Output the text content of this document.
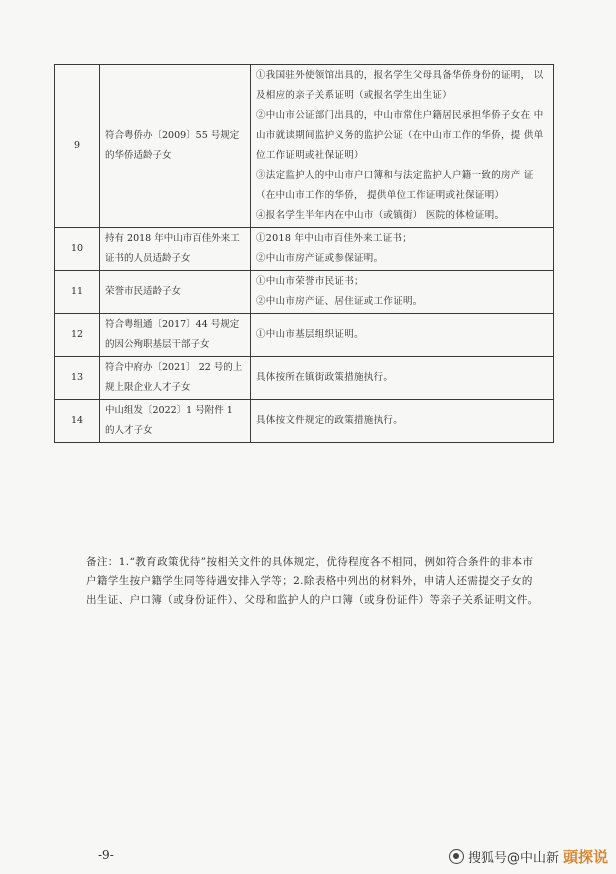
9	符合粤侨办〔2009〕55 号规定 的华侨适龄子女	①我国驻外使领馆出具的，报名学生父母具备华侨身份的证明， 以及相应的亲子关系证明（或报名学生出生证）
②中山市公证部门出具的，中山市常住户籍居民承担华侨子女在 中山市就读期间监护义务的监护公证（在中山市工作的华侨，提 供单位工作证明或社保证明）
③法定监护人的中山市户口簿和与法定监护人户籍一致的房产 证（在中山市工作的华侨， 提供单位工作证明或社保证明）
④报名学生半年内在中山市（或镇街） 医院的体检证明。

10	持有 2018 年中山市百佳外来工 证书的人员适龄子女	①2018 年中山市百佳外来工证书；
②中山市房产证或参保证明。

11	荣誉市民适龄子女	①中山市荣誉市民证书；
②中山市房产证、居住证或工作证明。

12	符合粤组通〔2017〕44 号规定 的因公殉职基层干部子女	①中山市基层组织证明。

13	符合中府办〔2021〕 22 号的上 规上限企业人才子女	具体按所在镇街政策措施执行。

14	中山组发〔2022〕1 号附件 1 的人才子女	具体按文件规定的政策措施执行。
备注：1.“教育政策优待”按相关文件的具体规定，优待程度各不相同，例如符合条件的非本市户籍学生按户籍学生同等待遇安排入学等；2.除表格中列出的材料外，申请人还需提交子女的出生证、户口簿（或身份证件）、父母和监护人的户口簿（或身份证件）等亲子关系证明文件。
-9-	搜狐号@中山新 頭探说
